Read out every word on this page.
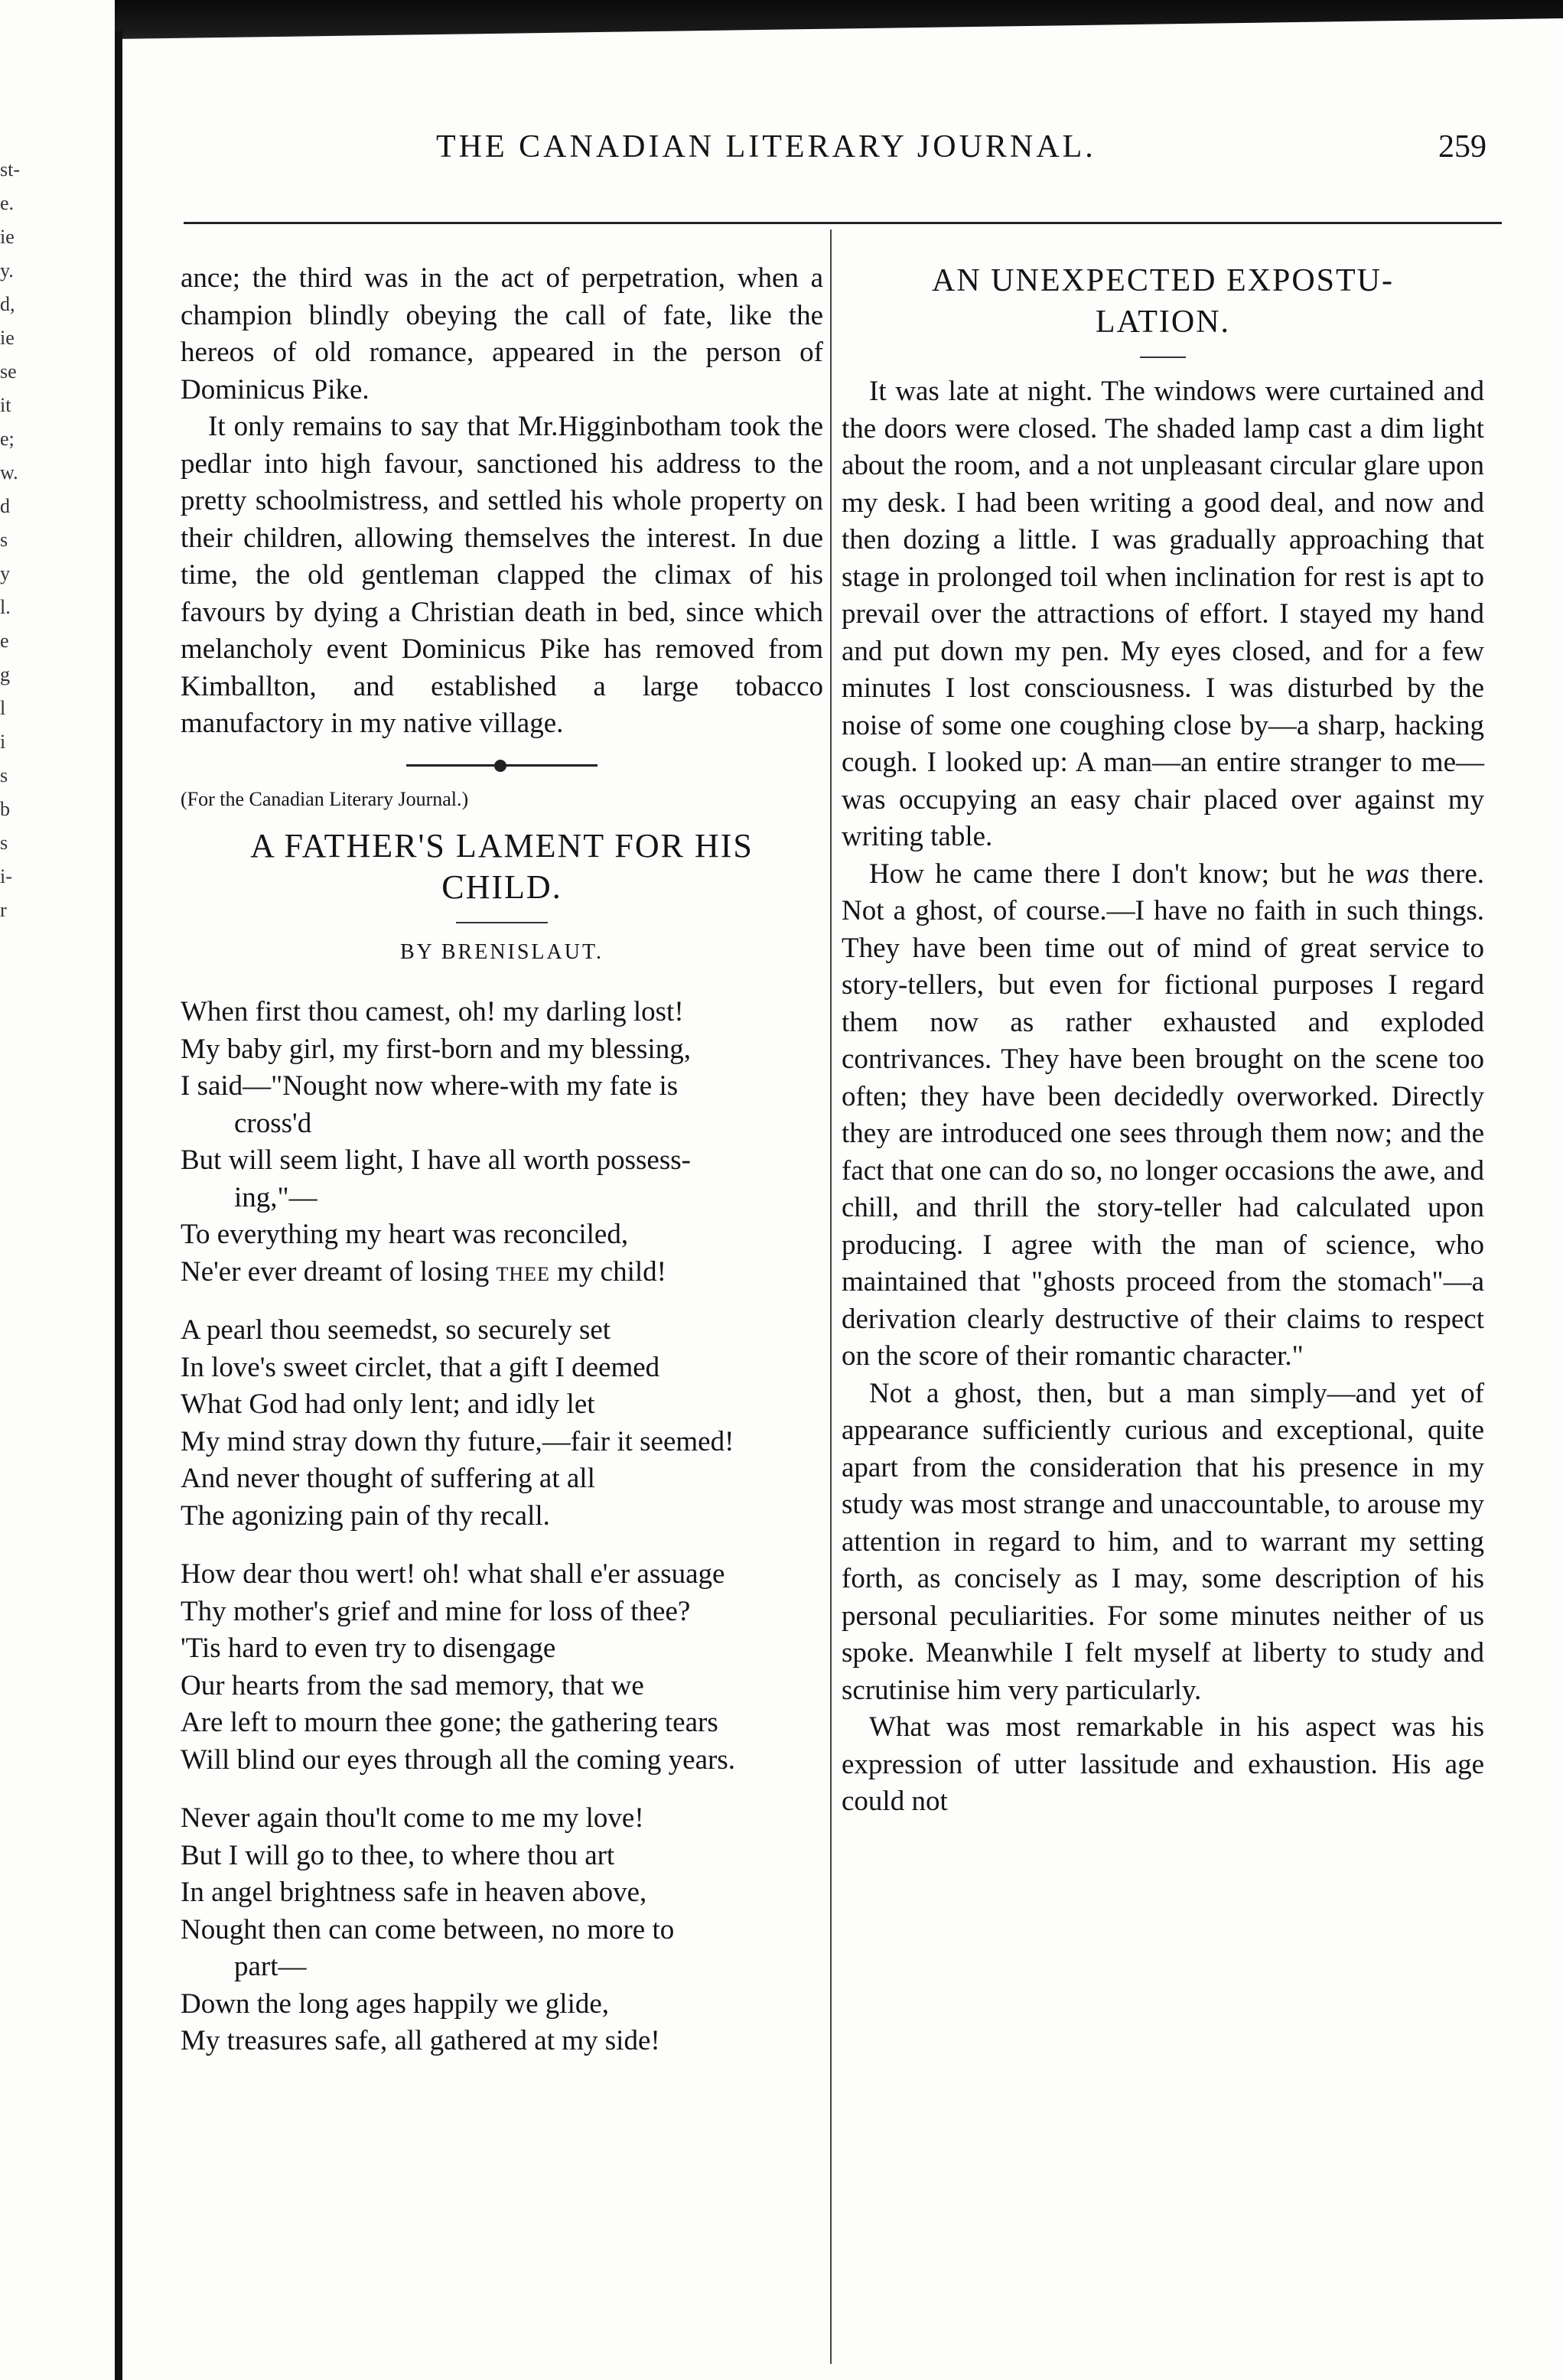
st-
e.
ie
y.
d,
ie
se
it
e;
w.
d
s
y
l.
e
g
l
i
s
b
s
i-
r
THE CANADIAN LITERARY JOURNAL.	259

ance; the third was in the act of perpetration, when a champion blindly obeying the call of fate, like the hereos of old romance, appeared in the person of Dominicus Pike.

It only remains to say that Mr.Higginbotham took the pedlar into high favour, sanctioned his address to the pretty schoolmistress, and settled his whole property on their children, allowing themselves the interest. In due time, the old gentleman clapped the climax of his favours by dying a Christian death in bed, since which melancholy event Dominicus Pike has removed from Kimballton, and established a large tobacco manufactory in my native village.

(For the Canadian Literary Journal.)

A FATHER'S LAMENT FOR HIS
CHILD.
BY BRENISLAUT.
When first thou camest, oh! my darling lost!
My baby girl, my first-born and my blessing,
I said—"Nought now where-with my fate is
cross'd
But will seem light, I have all worth possess-
ing,"—
To everything my heart was reconciled,
Ne'er ever dreamt of losing thee my child!
A pearl thou seemedst, so securely set
In love's sweet circlet, that a gift I deemed
What God had only lent; and idly let
My mind stray down thy future,—fair it seemed!
And never thought of suffering at all
The agonizing pain of thy recall.
How dear thou wert! oh! what shall e'er assuage
Thy mother's grief and mine for loss of thee?
'Tis hard to even try to disengage
Our hearts from the sad memory, that we
Are left to mourn thee gone; the gathering tears
Will blind our eyes through all the coming years.
Never again thou'lt come to me my love!
But I will go to thee, to where thou art
In angel brightness safe in heaven above,
Nought then can come between, no more to
part—
Down the long ages happily we glide,
My treasures safe, all gathered at my side!
AN UNEXPECTED EXPOSTU-
LATION.

It was late at night. The windows were curtained and the doors were closed. The shaded lamp cast a dim light about the room, and a not unpleasant circular glare upon my desk. I had been writing a good deal, and now and then dozing a little. I was gradually approaching that stage in prolonged toil when inclination for rest is apt to prevail over the attractions of effort. I stayed my hand and put down my pen. My eyes closed, and for a few minutes I lost consciousness. I was disturbed by the noise of some one coughing close by—a sharp, hacking cough. I looked up: A man—an entire stranger to me—was occupying an easy chair placed over against my writing table.

How he came there I don't know; but he was there. Not a ghost, of course.—I have no faith in such things. They have been time out of mind of great service to story-tellers, but even for fictional purposes I regard them now as rather exhausted and exploded contrivances. They have been brought on the scene too often; they have been decidedly overworked. Directly they are introduced one sees through them now; and the fact that one can do so, no longer occasions the awe, and chill, and thrill the story-teller had calculated upon producing. I agree with the man of science, who maintained that "ghosts proceed from the stomach"—a derivation clearly destructive of their claims to respect on the score of their romantic character."

Not a ghost, then, but a man simply—and yet of appearance sufficiently curious and exceptional, quite apart from the consideration that his presence in my study was most strange and unaccountable, to arouse my attention in regard to him, and to warrant my setting forth, as concisely as I may, some description of his personal peculiarities. For some minutes neither of us spoke. Meanwhile I felt myself at liberty to study and scrutinise him very particularly.

What was most remarkable in his aspect was his expression of utter lassitude and exhaustion. His age could not
